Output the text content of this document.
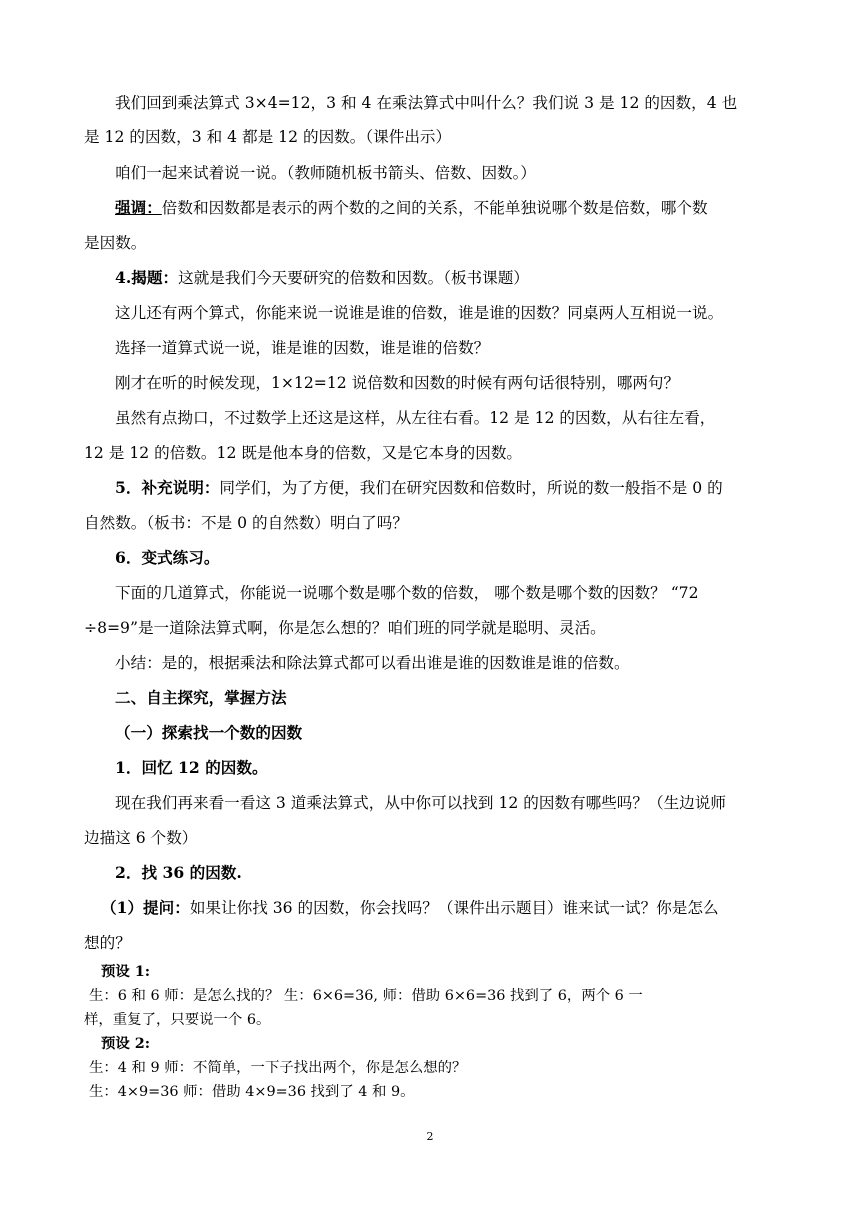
我们回到乘法算式 3×4=12，3 和 4 在乘法算式中叫什么？我们说 3 是 12 的因数，4 也
是 12 的因数，3 和 4 都是 12 的因数。（课件出示）
咱们一起来试着说一说。（教师随机板书箭头、倍数、因数。）
强调：倍数和因数都是表示的两个数的之间的关系，不能单独说哪个数是倍数，哪个数
是因数。
4.揭题：这就是我们今天要研究的倍数和因数。（板书课题）
这儿还有两个算式，你能来说一说谁是谁的倍数，谁是谁的因数？同桌两人互相说一说。
选择一道算式说一说，谁是谁的因数，谁是谁的倍数？
刚才在听的时候发现，1×12=12 说倍数和因数的时候有两句话很特别，哪两句？
虽然有点拗口，不过数学上还这是这样，从左往右看。12 是 12 的因数，从右往左看，
12 是 12 的倍数。12 既是他本身的倍数，又是它本身的因数。
5．补充说明：同学们，为了方便，我们在研究因数和倍数时，所说的数一般指不是 0 的
自然数。（板书：不是 0 的自然数）明白了吗？
6．变式练习。
下面的几道算式，你能说一说哪个数是哪个数的倍数， 哪个数是哪个数的因数？ “72
÷8=9”是一道除法算式啊，你是怎么想的？咱们班的同学就是聪明、灵活。
小结：是的，根据乘法和除法算式都可以看出谁是谁的因数谁是谁的倍数。
二、自主探究，掌握方法
（一）探索找一个数的因数
1．回忆 12 的因数。
现在我们再来看一看这 3 道乘法算式，从中你可以找到 12 的因数有哪些吗？（生边说师
边描这 6 个数）
2．找 36 的因数.
（1）提问：如果让你找 36 的因数，你会找吗？（课件出示题目）谁来试一试？你是怎么
想的？
预设 1:
生：6 和 6 师：是怎么找的？ 生：6×6=36, 师：借助 6×6=36 找到了 6，两个 6 一
样，重复了，只要说一个 6。
预设 2:
生：4 和 9 师：不简单，一下子找出两个，你是怎么想的？
生：4×9=36 师：借助 4×9=36 找到了 4 和 9。
2
